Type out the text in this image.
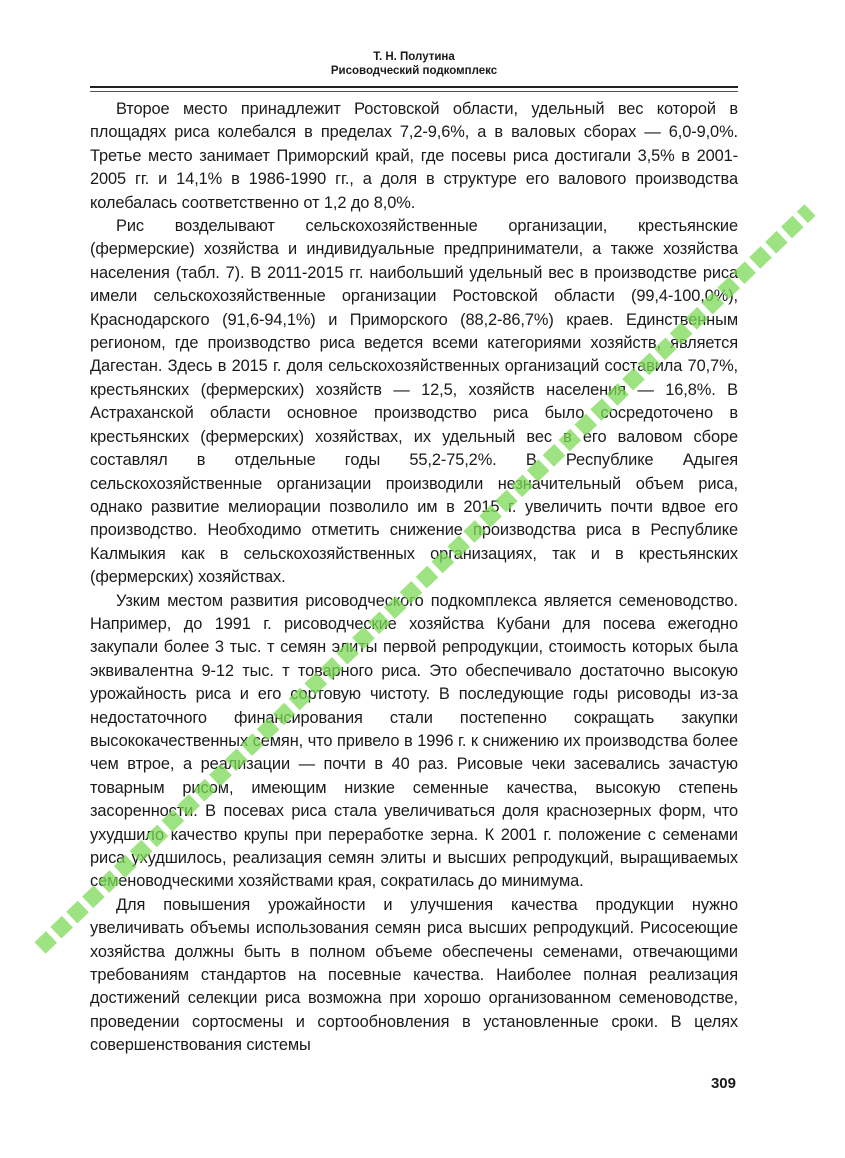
Т. Н. Полутина
Рисоводческий подкомплекс

Второе место принадлежит Ростовской области, удельный вес которой в площадях риса колебался в пределах 7,2-9,6%, а в валовых сборах — 6,0-9,0%. Третье место занимает Приморский край, где посевы риса достигали 3,5% в 2001-2005 гг. и 14,1% в 1986-1990 гг., а доля в структуре его валового производства колебалась соответственно от 1,2 до 8,0%.

Рис возделывают сельскохозяйственные организации, крестьянские (фермерские) хозяйства и индивидуальные предприниматели, а также хозяйства населения (табл. 7). В 2011-2015 гг. наибольший удельный вес в производстве риса имели сельскохозяйственные организации Ростовской области (99,4-100,0%), Краснодарского (91,6-94,1%) и Приморского (88,2-86,7%) краев. Единственным регионом, где производство риса ведется всеми категориями хозяйств, является Дагестан. Здесь в 2015 г. доля сельскохозяйственных организаций составила 70,7%, крестьянских (фермерских) хозяйств — 12,5, хозяйств населения — 16,8%. В Астраханской области основное производство риса было сосредоточено в крестьянских (фермерских) хозяйствах, их удельный вес в его валовом сборе составлял в отдельные годы 55,2-75,2%. В Республике Адыгея сельскохозяйственные организации производили незначительный объем риса, однако развитие мелиорации позволило им в 2015 г. увеличить почти вдвое его производство. Необходимо отметить снижение производства риса в Республике Калмыкия как в сельскохозяйственных организациях, так и в крестьянских (фермерских) хозяйствах.

Узким местом развития рисоводческого подкомплекса является семеноводство. Например, до 1991 г. рисоводческие хозяйства Кубани для посева ежегодно закупали более 3 тыс. т семян элиты первой репродукции, стоимость которых была эквивалентна 9-12 тыс. т товарного риса. Это обеспечивало достаточно высокую урожайность риса и его сортовую чистоту. В последующие годы рисоводы из-за недостаточного финансирования стали постепенно сокращать закупки высококачественных семян, что привело в 1996 г. к снижению их производства более чем втрое, а реализации — почти в 40 раз. Рисовые чеки засевались зачастую товарным рисом, имеющим низкие семенные качества, высокую степень засоренности. В посевах риса стала увеличиваться доля краснозерных форм, что ухудшило качество крупы при переработке зерна. К 2001 г. положение с семенами риса ухудшилось, реализация семян элиты и высших репродукций, выращиваемых семеноводческими хозяйствами края, сократилась до минимума.

Для повышения урожайности и улучшения качества продукции нужно увеличивать объемы использования семян риса высших репродукций. Рисосеющие хозяйства должны быть в полном объеме обеспечены семенами, отвечающими требованиям стандартов на посевные качества. Наиболее полная реализация достижений селекции риса возможна при хорошо организованном семеноводстве, проведении сортосмены и сортообновления в установленные сроки. В целях совершенствования системы

309
